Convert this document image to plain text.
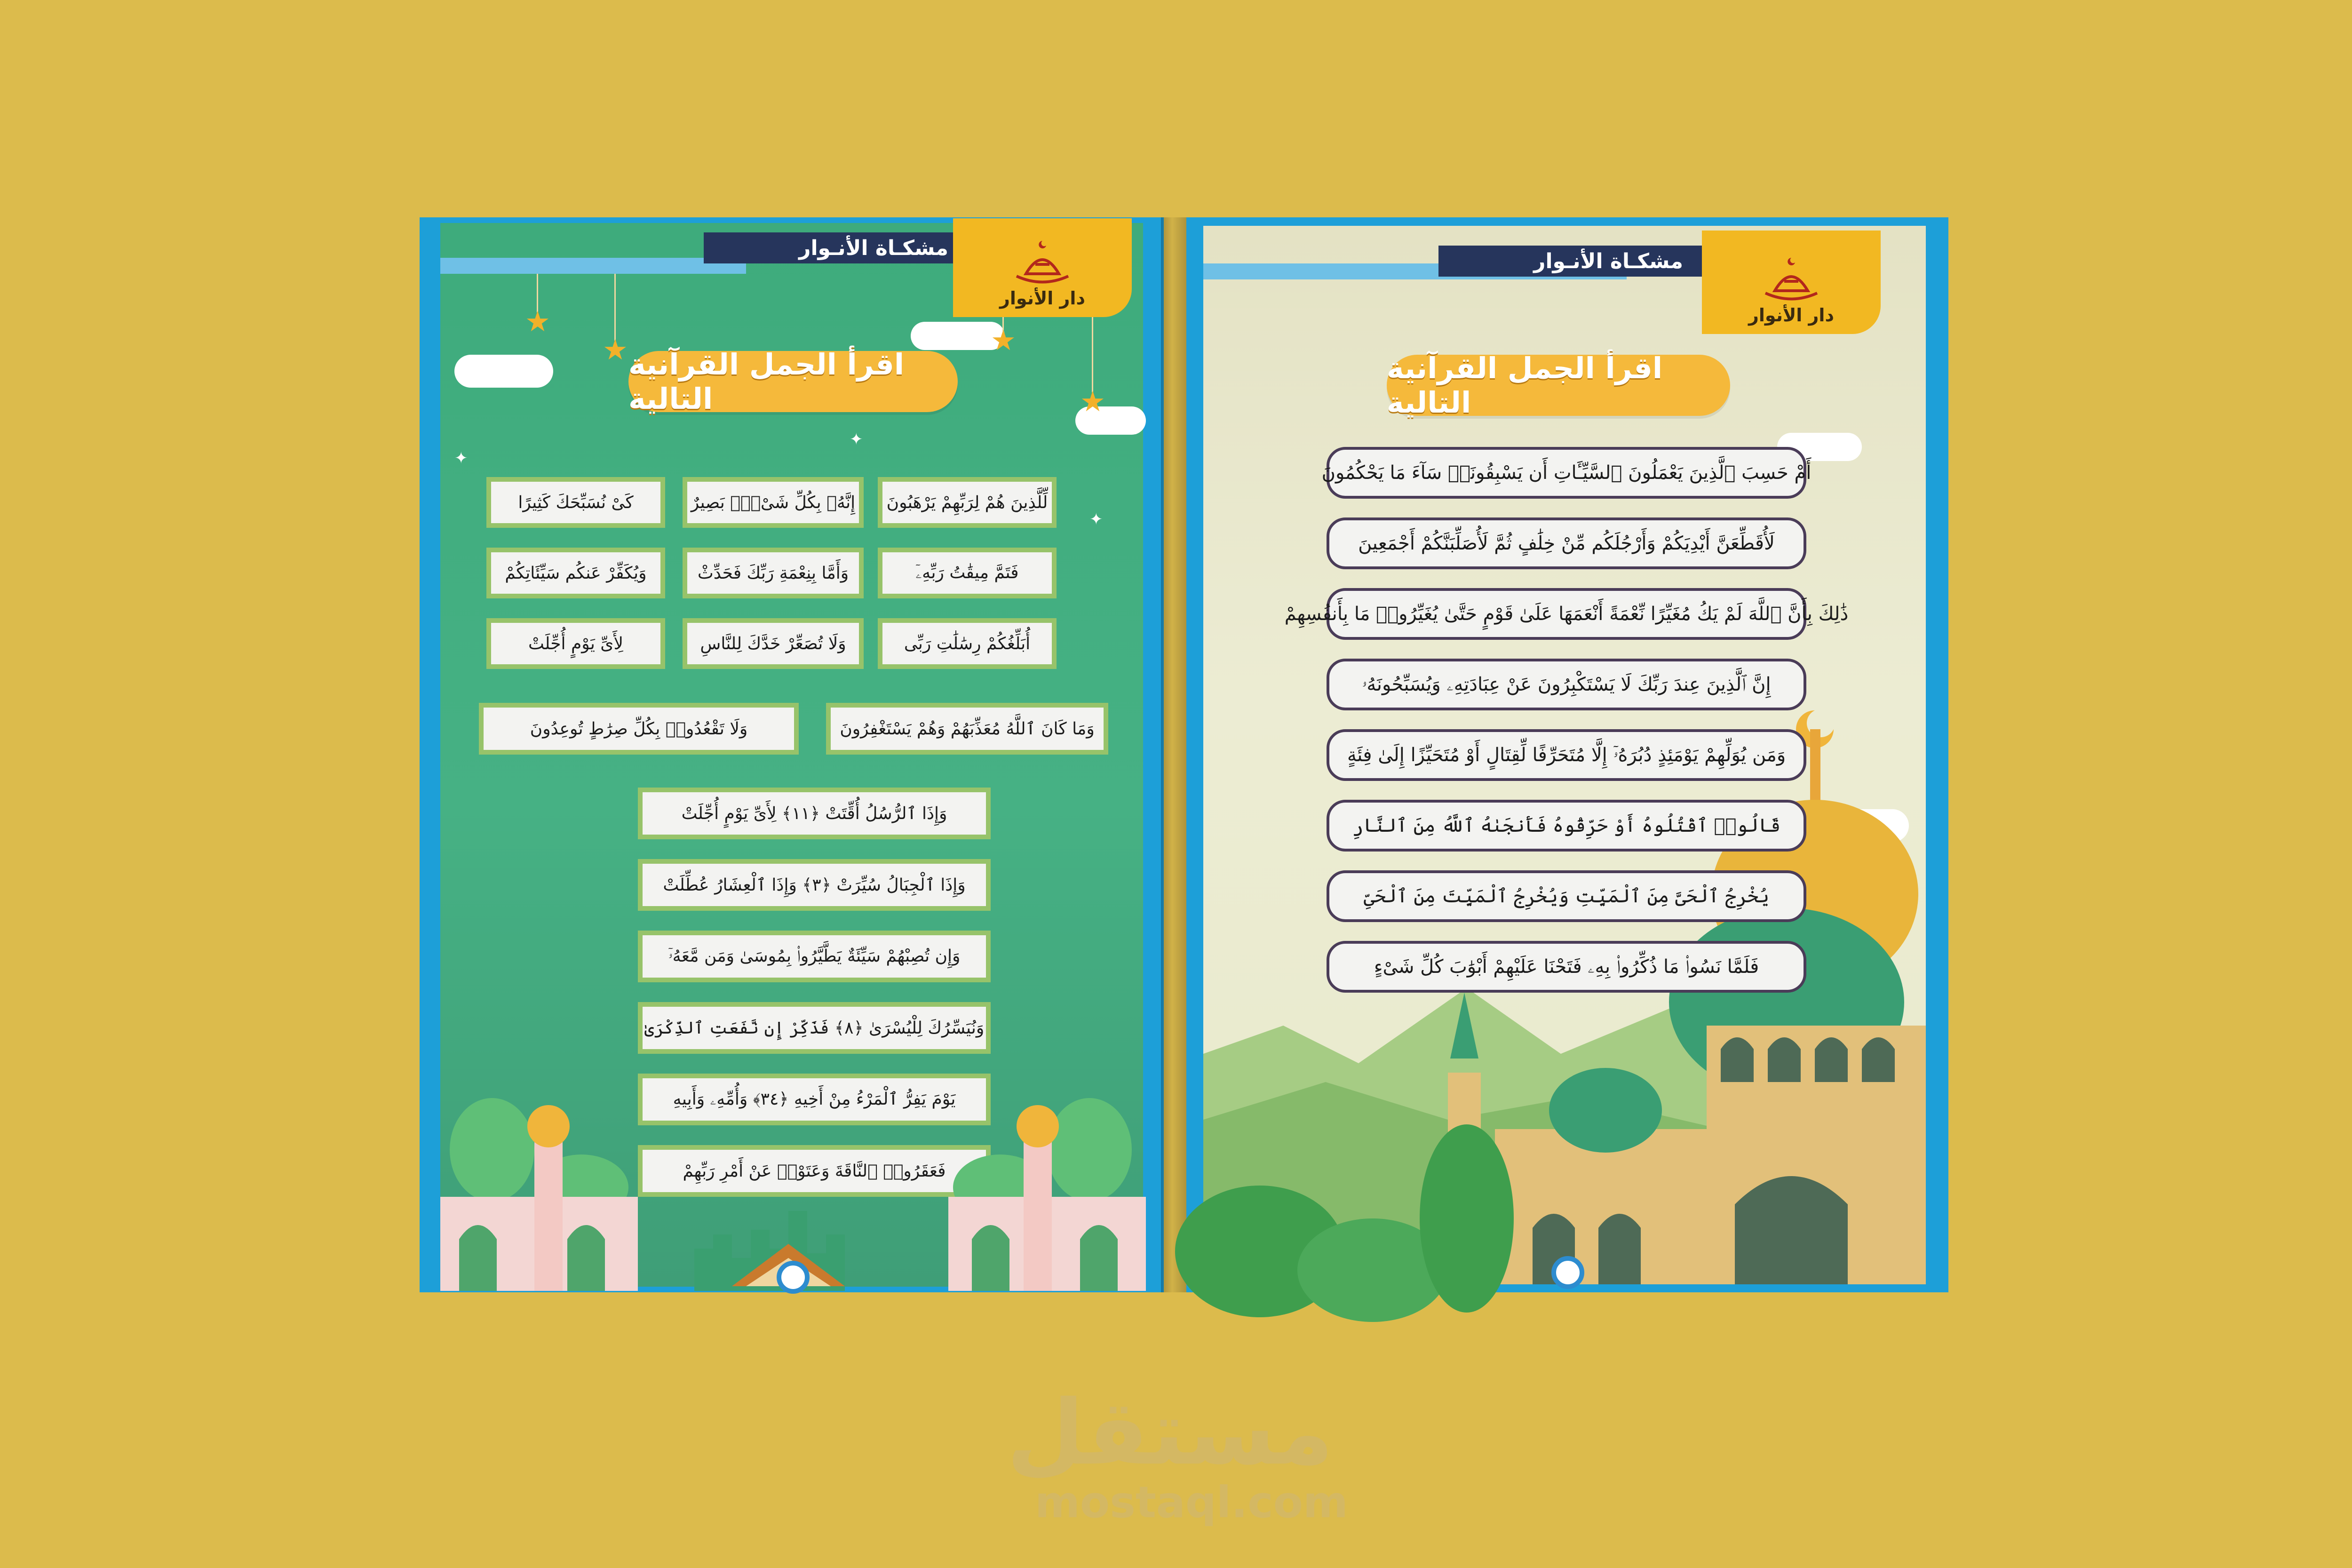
★
★	★
★
✦
✦
✦
مشكـاة الأنـوار
دار الأنوار
اقرأ الجمل القرآنية التالية
لِّلَّذِينَ هُمْ لِرَبِّهِمْ يَرْهَبُونَ
إِنَّهُۥ بِكُلِّ شَىْءٍۭ بَصِيرٌ
كَىْ نُسَبِّحَكَ كَثِيرًا
فَتَمَّ مِيقَٰتُ رَبِّهِۦٓ
وَأَمَّا بِنِعْمَةِ رَبِّكَ فَحَدِّثْ
وَيُكَفِّرْ عَنكُم سَيِّئَاتِكُمْ
أُبَلِّغُكُمْ رِسَٰلَٰتِ رَبِّى
وَلَا تُصَعِّرْ خَدَّكَ لِلنَّاسِ
لِأَىِّ يَوْمٍ أُجِّلَتْ
وَمَا كَانَ ٱللَّهُ مُعَذِّبَهُمْ وَهُمْ يَسْتَغْفِرُونَ
وَلَا تَقْعُدُوا۟ بِكُلِّ صِرَٰطٍ تُوعِدُونَ
وَإِذَا ٱلرُّسُلُ أُقِّتَتْ ﴿١١﴾ لِأَىِّ يَوْمٍ أُجِّلَتْ
وَإِذَا ٱلْجِبَالُ سُيِّرَتْ ﴿٣﴾ وَإِذَا ٱلْعِشَارُ عُطِّلَتْ
وَإِن تُصِبْهُمْ سَيِّئَةٌ يَطَّيَّرُوا۟ بِمُوسَىٰ وَمَن مَّعَهُۥٓ
وَنُيَسِّرُكَ لِلْيُسْرَىٰ ﴿٨﴾ فَذَكِّرْ إِن نَّفَعَتِ ٱلذِّكْرَىٰ
يَوْمَ يَفِرُّ ٱلْمَرْءُ مِنْ أَخِيهِ ﴿٣٤﴾ وَأُمِّهِۦ وَأَبِيهِ
فَعَقَرُوا۟ ٱلنَّاقَةَ وَعَتَوْا۟ عَنْ أَمْرِ رَبِّهِمْ
مشكـاة الأنـوار
دار الأنوار
اقرأ الجمل القرآنية التالية
أَمْ حَسِبَ ٱلَّذِينَ يَعْمَلُونَ ٱلسَّيِّـَٔاتِ أَن يَسْبِقُونَا۟ سَآءَ مَا يَحْكُمُونَ
لَأُقَطِّعَنَّ أَيْدِيَكُمْ وَأَرْجُلَكُم مِّنْ خِلَٰفٍ ثُمَّ لَأُصَلِّبَنَّكُمْ أَجْمَعِينَ
ذَٰلِكَ بِأَنَّ ٱللَّهَ لَمْ يَكُ مُغَيِّرًا نِّعْمَةً أَنْعَمَهَا عَلَىٰ قَوْمٍ حَتَّىٰ يُغَيِّرُوا۟ مَا بِأَنفُسِهِمْ
إِنَّ ٱلَّذِينَ عِندَ رَبِّكَ لَا يَسْتَكْبِرُونَ عَنْ عِبَادَتِهِۦ وَيُسَبِّحُونَهُۥ
وَمَن يُوَلِّهِمْ يَوْمَئِذٍ دُبُرَهُۥٓ إِلَّا مُتَحَرِّفًا لِّقِتَالٍ أَوْ مُتَحَيِّزًا إِلَىٰ فِئَةٍ
قَالُوا۟ ٱقْتُلُوهُ أَوْ حَرِّقُوهُ فَأَنجَىٰهُ ٱللَّهُ مِنَ ٱلنَّارِ
يُخْرِجُ ٱلْحَىَّ مِنَ ٱلْمَيِّتِ وَيُخْرِجُ ٱلْمَيِّتَ مِنَ ٱلْحَىِّ
فَلَمَّا نَسُوا۟ مَا ذُكِّرُوا۟ بِهِۦ فَتَحْنَا عَلَيْهِمْ أَبْوَٰبَ كُلِّ شَىْءٍ
مستقل
mostaql.com
